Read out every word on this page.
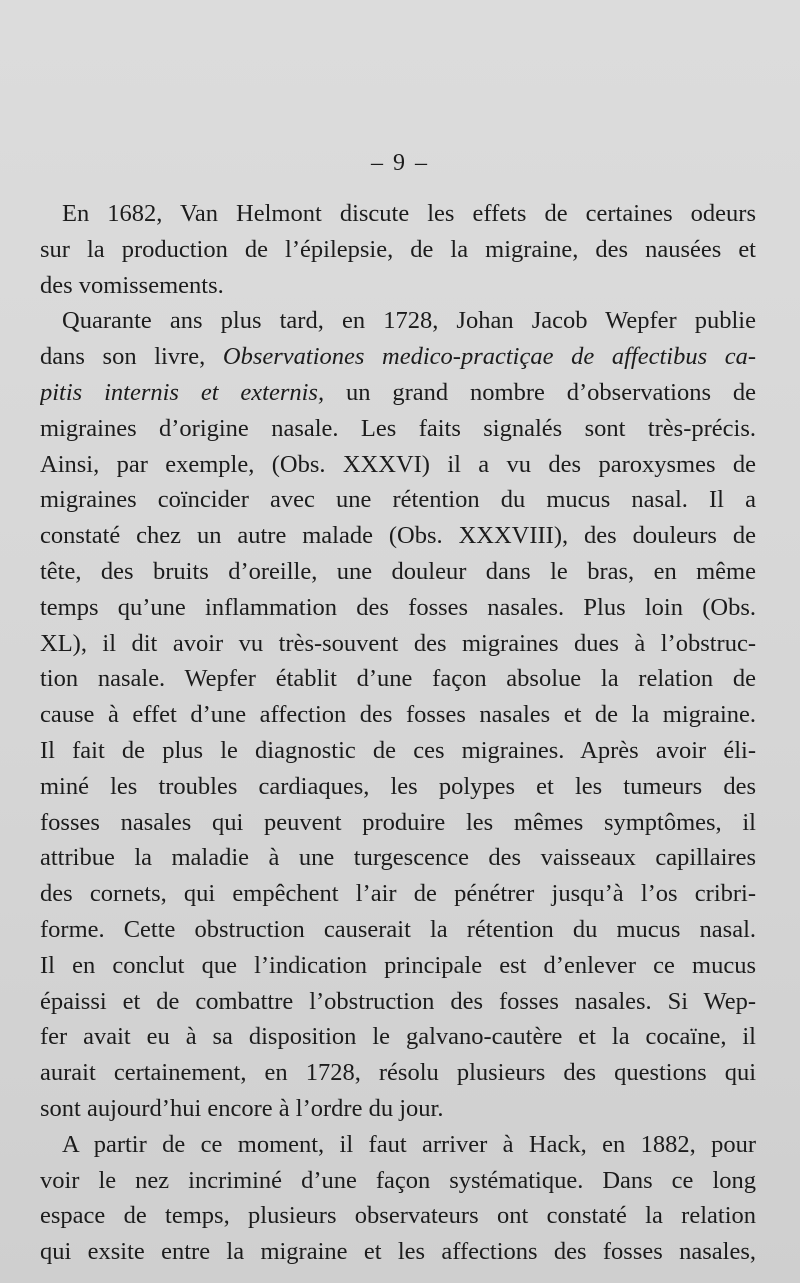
– 9 –
En 1682, Van Helmont discute les effets de certaines odeurs
sur la production de l’épilepsie, de la migraine, des nausées et
des vomissements.
Quarante ans plus tard, en 1728, Johan Jacob Wepfer publie
dans son livre, Observationes medico-practiçae de affectibus ca-
pitis internis et externis, un grand nombre d’observations de
migraines d’origine nasale. Les faits signalés sont très-précis.
Ainsi, par exemple, (Obs. XXXVI) il a vu des paroxysmes de
migraines coïncider avec une rétention du mucus nasal. Il a
constaté chez un autre malade (Obs. XXXVIII), des douleurs de
tête, des bruits d’oreille, une douleur dans le bras, en même
temps qu’une inflammation des fosses nasales. Plus loin (Obs.
XL), il dit avoir vu très-souvent des migraines dues à l’obstruc-
tion nasale. Wepfer établit d’une façon absolue la relation de
cause à effet d’une affection des fosses nasales et de la migraine.
Il fait de plus le diagnostic de ces migraines. Après avoir éli-
miné les troubles cardiaques, les polypes et les tumeurs des
fosses nasales qui peuvent produire les mêmes symptômes, il
attribue la maladie à une turgescence des vaisseaux capillaires
des cornets, qui empêchent l’air de pénétrer jusqu’à l’os cribri-
forme. Cette obstruction causerait la rétention du mucus nasal.
Il en conclut que l’indication principale est d’enlever ce mucus
épaissi et de combattre l’obstruction des fosses nasales. Si Wep-
fer avait eu à sa disposition le galvano-cautère et la cocaïne, il
aurait certainement, en 1728, résolu plusieurs des questions qui
sont aujourd’hui encore à l’ordre du jour.
A partir de ce moment, il faut arriver à Hack, en 1882, pour
voir le nez incriminé d’une façon systématique. Dans ce long
espace de temps, plusieurs observateurs ont constaté la relation
qui exsite entre la migraine et les affections des fosses nasales,
